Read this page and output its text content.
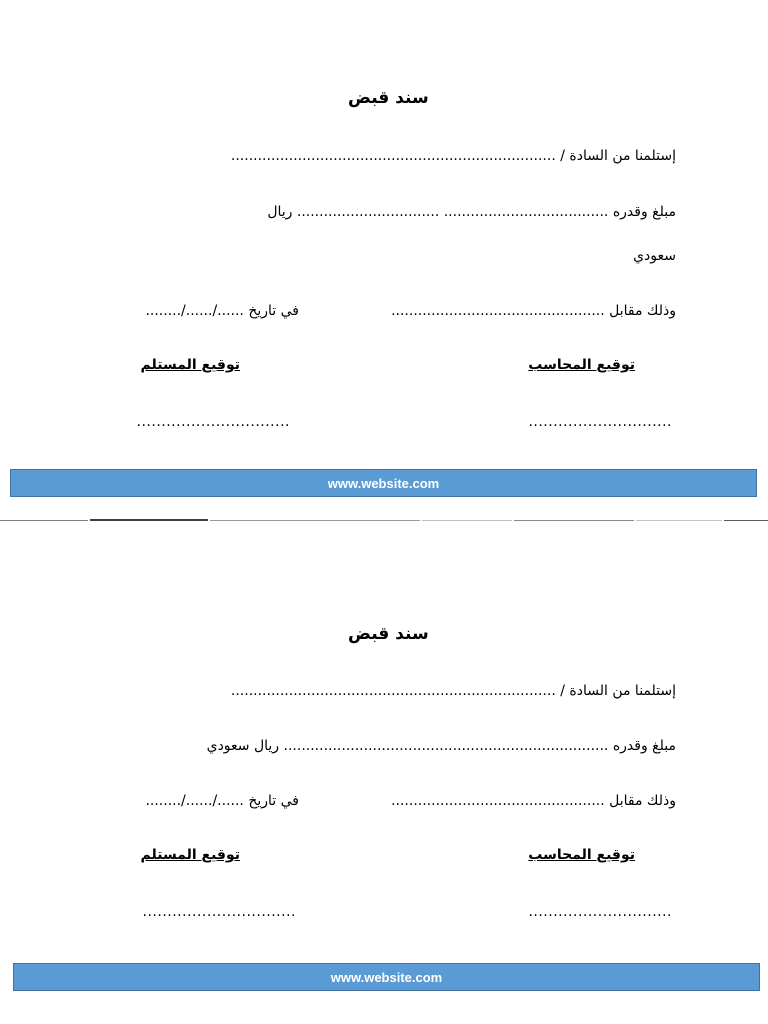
سند قبض
إستلمنا من السادة / .........................................................................
مبلغ وقدره ..................................... ................................ ريال
سعودي
وذلك مقابل ................................................
في تاريخ ....../....../........
توقيع المحاسب
توقيع المستلم
.............................
...............................
www.website.com
سند قبض
إستلمنا من السادة / .........................................................................
مبلغ وقدره ......................................................................... ريال سعودي
وذلك مقابل ................................................
في تاريخ ....../....../........
توقيع المحاسب
توقيع المستلم
.............................
...............................
www.website.com
